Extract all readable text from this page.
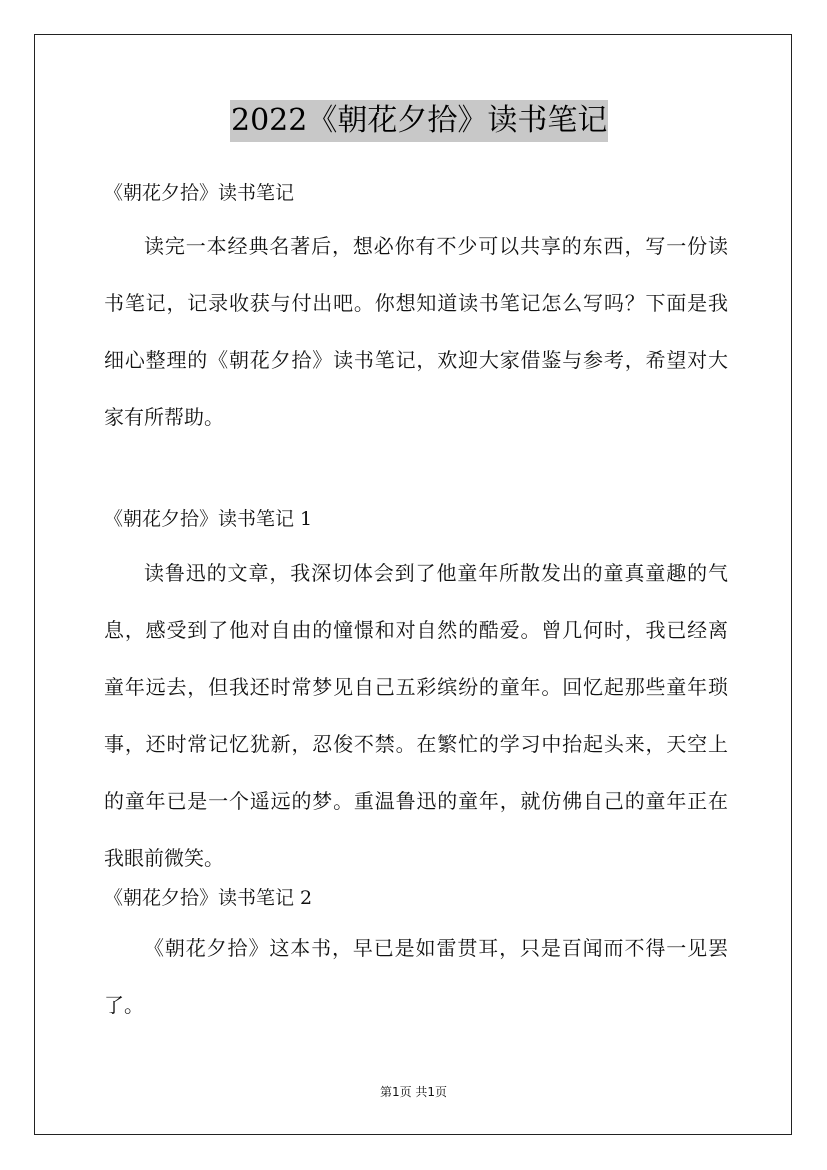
2022《朝花夕拾》读书笔记
《朝花夕拾》读书笔记
读完一本经典名著后，想必你有不少可以共享的东西，写一份读
书笔记，记录收获与付出吧。你想知道读书笔记怎么写吗？下面是我
细心整理的《朝花夕拾》读书笔记，欢迎大家借鉴与参考，希望对大
家有所帮助。
《朝花夕拾》读书笔记 1
读鲁迅的文章，我深切体会到了他童年所散发出的童真童趣的气
息，感受到了他对自由的憧憬和对自然的酷爱。曾几何时，我已经离
童年远去，但我还时常梦见自己五彩缤纷的童年。回忆起那些童年琐
事，还时常记忆犹新，忍俊不禁。在繁忙的学习中抬起头来，天空上
的童年已是一个遥远的梦。重温鲁迅的童年，就仿佛自己的童年正在
我眼前微笑。
《朝花夕拾》读书笔记 2
《朝花夕拾》这本书，早已是如雷贯耳，只是百闻而不得一见罢
了。
第1页 共1页
